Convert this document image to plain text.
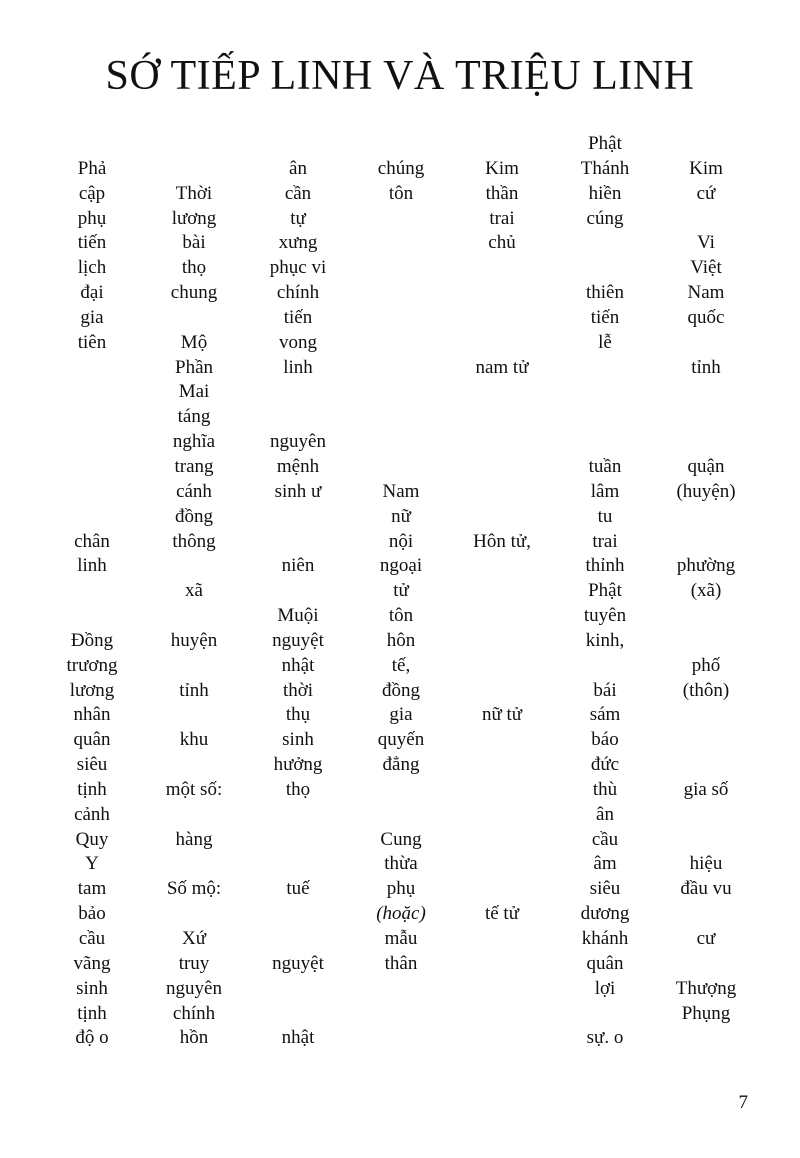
SỚ TIẾP LINH VÀ TRIỆU LINH
Phả
cập
phụ
tiến
lịch
đại
gia
tiên
chân
linh
Đồng
trương
lương
nhân
quân
siêu
tịnh
cảnh
Quy
Y
tam
bảo
cầu
vãng
sinh
tịnh
độ o
Thời
lương
bài
thọ
chung
Mộ
Phần
Mai
táng
nghĩa
trang
cánh
đồng
thông
xã
huyện
tỉnh
khu
một số:
hàng
Số mộ:
Xứ
truy
nguyên
chính
hồn
ân
cần
tự
xưng
phục vi
chính
tiến
vong
linh
nguyên
mệnh
sinh ư
niên
Muội
nguyệt
nhật
thời
thụ
sinh
hưởng
thọ
tuế
nguyệt
nhật
chúng
tôn
Nam
nữ
nội
ngoại
tử
tôn
hôn
tế,
đồng
gia
quyến
đẳng
Cung
thừa
phụ
(hoặc)
mẫu
thân
Kim
thần
trai
chủ
nam tử
Hôn tử,
nữ tử
tế tử
Phật
Thánh
hiền
cúng
thiên
tiến
lễ
tuần
lâm
tu
trai
thỉnh
Phật
tuyên
kinh,
bái
sám
báo
đức
thù
ân
cầu
âm
siêu
dương
khánh
quân
lợi
sự. o
Kim
cứ
Vi
Việt
Nam
quốc
tỉnh
quận
(huyện)
phường
(xã)
phố
(thôn)
gia số
hiệu
đầu vu
cư
Thượng
Phụng
7
